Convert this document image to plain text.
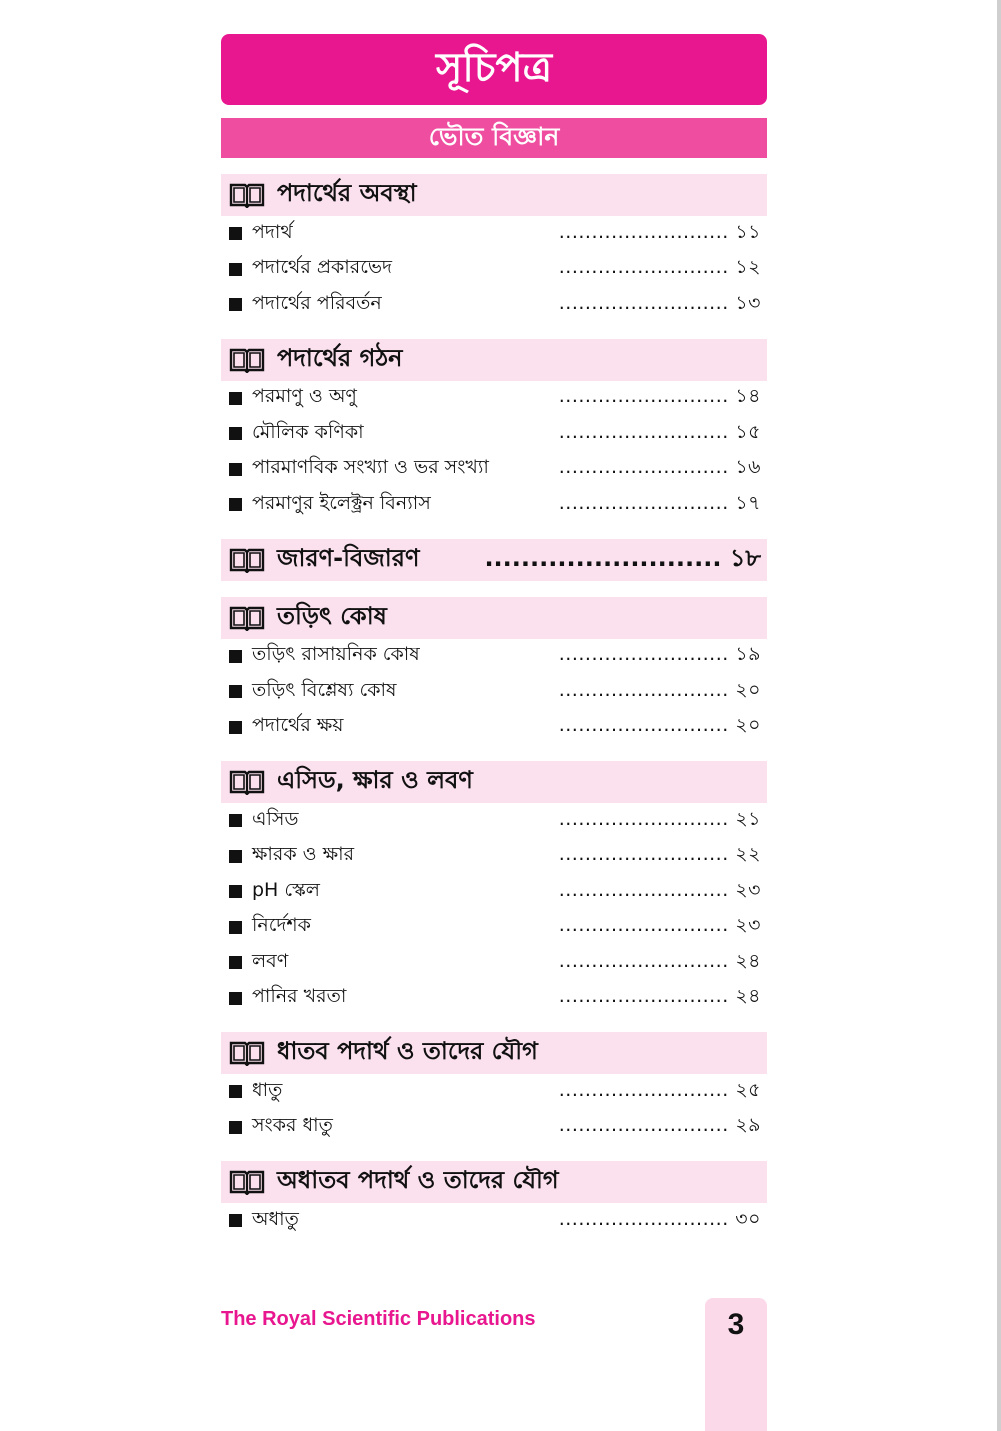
সূচিপত্র
ভৌত বিজ্ঞান
পদার্থের অবস্থা
পদার্থ	.......................... ১১
পদার্থের প্রকারভেদ	.......................... ১২
পদার্থের পরিবর্তন	.......................... ১৩
পদার্থের গঠন
পরমাণু ও অণু	.......................... ১৪
মৌলিক কণিকা	.......................... ১৫
পারমাণবিক সংখ্যা ও ভর সংখ্যা	.......................... ১৬
পরমাণুর ইলেক্ট্রন বিন্যাস	.......................... ১৭
জারণ-বিজারণ	.......................... ১৮
তড়িৎ কোষ
তড়িৎ রাসায়নিক কোষ	.......................... ১৯
তড়িৎ বিশ্লেষ্য কোষ	.......................... ২০
পদার্থের ক্ষয়	.......................... ২০
এসিড, ক্ষার ও লবণ
এসিড	.......................... ২১
ক্ষারক ও ক্ষার	.......................... ২২
pH স্কেল	.......................... ২৩
নির্দেশক	.......................... ২৩
লবণ	.......................... ২৪
পানির খরতা	.......................... ২৪
ধাতব পদার্থ ও তাদের যৌগ
ধাতু	.......................... ২৫
সংকর ধাতু	.......................... ২৯
অধাতব পদার্থ ও তাদের যৌগ
অধাতু	.......................... ৩০
The Royal Scientific Publications	3
